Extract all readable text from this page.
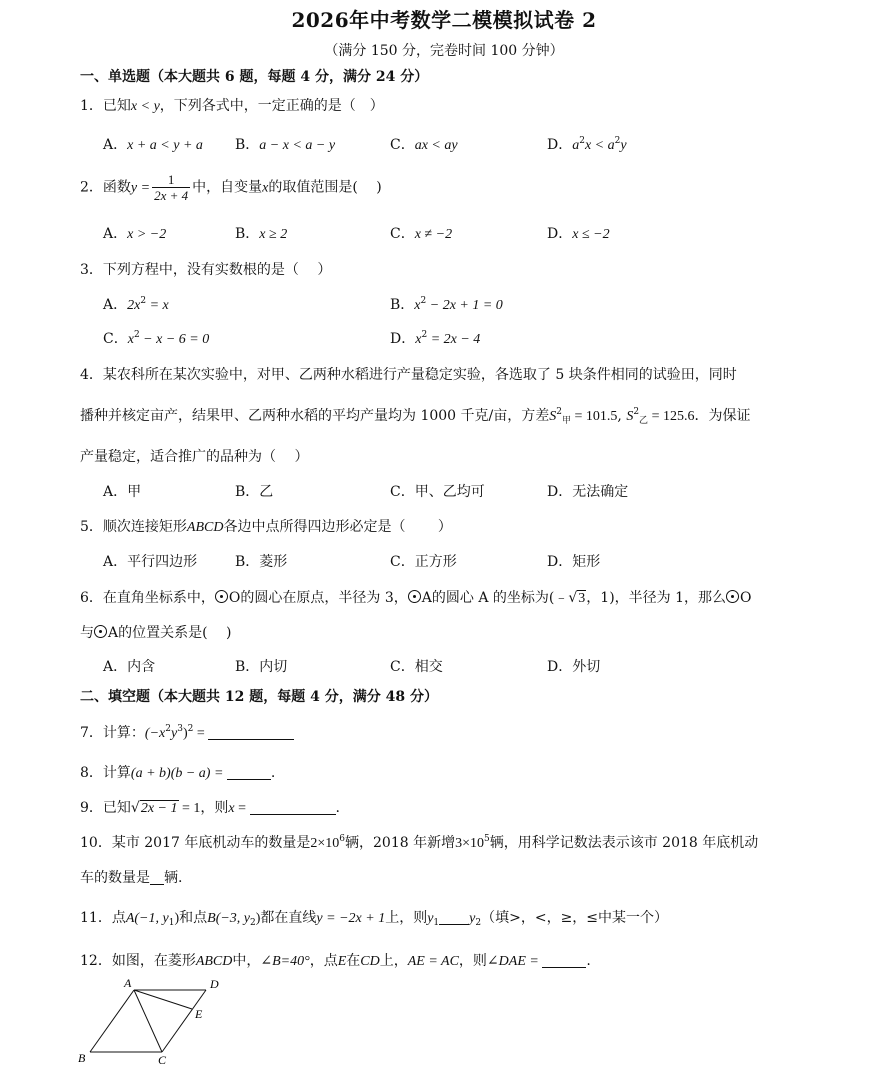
2026年中考数学二模模拟试卷 2
（满分 150 分，完卷时间 100 分钟）
一、单选题（本大题共 6 题，每题 4 分，满分 24 分）
1．已知x < y，下列各式中，一定正确的是（　）
A．x + a < y + a B．a − x < a − y	C．ax < ay	D．$a^2x < a^2y$
2．函数$y = \frac{1}{2x + 4}$ 中，自变量x的取值范围是(　 )
A．x > −2	B．x ≥ 2	C．x ≠ −2	D．x ≤ −2
3．下列方程中，没有实数根的是（　 ）
A．$2x^2 = x$	B．$x^2 - 2x + 1 = 0$
C．$x^2 - x - 6 = 0$	D．$x^2 = 2x - 4$
4．某农科所在某次实验中，对甲、乙两种水稻进行产量稳定实验，各选取了 5 块条件相同的试验田，同时
播种并核定亩产，结果甲、乙两种水稻的平均产量均为 1000 千克/亩，方差$S^2_甲 = 101.5$, $S^2_乙 = 125.6$．为保证
产量稳定，适合推广的品种为（　 ）
A．甲	B．乙	C．甲、乙均可	D．无法确定
5．顺次连接矩形ABCD各边中点所得四边形必定是（　　 ）
A．平行四边形	B．菱形	C．正方形	D．矩形
6．在直角坐标系中， O的圆心在原点，半径为 3， A的圆心 A 的坐标为(﹣√3，1)，半径为 1，那么 O
与 A的位置关系是(　 )
A．内含	B．内切	C．相交	D．外切
二、填空题（本大题共 12 题，每题 4 分，满分 48 分）
7．计算：$(-x^2y^3)^2$ =
8．计算(a + b)(b − a) =	.
9．已知√2x − 1 = 1，则x =	.
10．某市 2017 年底机动车的数量是$2\times 10^6$辆，2018 年新增$3\times 10^5$辆，用科学记数法表示该市 2018 年底机动
车的数量是 辆.
11．点A(−1, $y_1$)和点B(−3, $y_2$)都在直线y = −2x + 1上，则$y_1$ $y_2$（填>，<，≥，≤中某一个）
12．如图，在菱形ABCD中，∠B=40°，点E在CD上，AE = AC，则∠DAE =	.
A	D
E
B	C
